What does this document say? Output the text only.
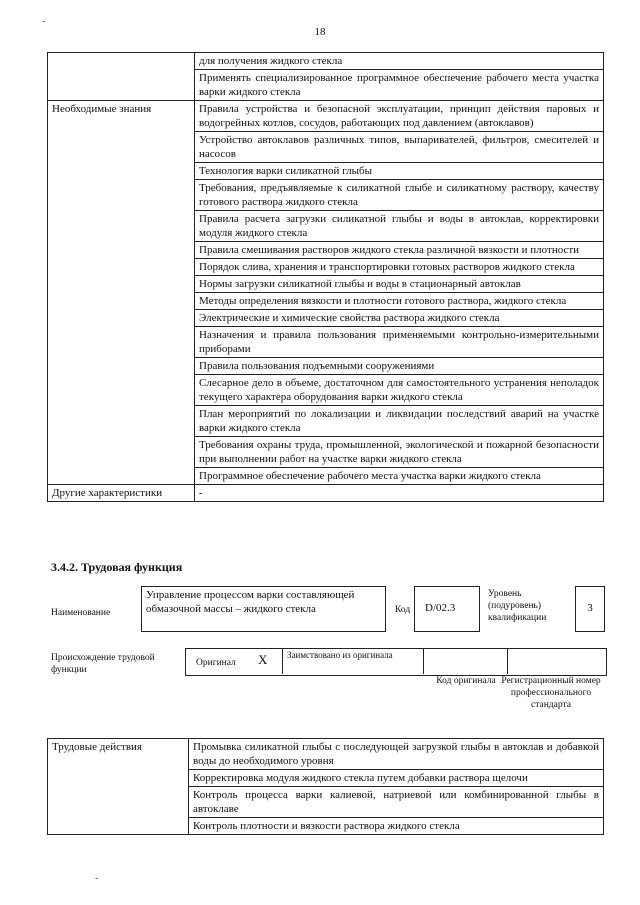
18
-
	для получения жидкого стекла
	Применять специализированное программное обеспечение рабочего места участка варки жидкого стекла
Необходимые знания	Правила устройства и безопасной эксплуатации, принцип действия паровых и водогрейных котлов, сосудов, работающих под давлением (автоклавов)
	Устройство автоклавов различных типов, выпаривателей, фильтров, смесителей и насосов
	Технология варки силикатной глыбы
	Требования, предъявляемые к силикатной глыбе и силикатному раствору, качеству готового раствора жидкого стекла
	Правила расчета загрузки силикатной глыбы и воды в автоклав, корректировки модуля жидкого стекла
	Правила смешивания растворов жидкого стекла различной вязкости и плотности
	Порядок слива, хранения и транспортировки готовых растворов жидкого стекла
	Нормы загрузки силикатной глыбы и воды в стационарный автоклав
	Методы определения вязкости и плотности готового раствора, жидкого стекла
	Электрические и химические свойства раствора жидкого стекла
	Назначения и правила пользования применяемыми контрольно-измерительными приборами
	Правила пользования подъемными сооружениями
	Слесарное дело в объеме, достаточном для самостоятельного устранения неполадок текущего характера оборудования варки жидкого стекла
	План мероприятий по локализации и ликвидации последствий аварий на участке варки жидкого стекла
	Требования охраны труда, промышленной, экологической и пожарной безопасности при выполнении работ на участке варки жидкого стекла
	Программное обеспечение рабочего места участка варки жидкого стекла
Другие характеристики	-
3.4.2. Трудовая функция
Наименование
Управление процессом варки составляющей обмазочной массы – жидкого стекла	Код	D/02.3
Уровень (подуровень) квалификации
3
Происхождение трудовой функции
Оригинал X Заимствовано из оригинала
Код оригинала Регистрационный номер профессионального стандарта
Трудовые действия	Промывка силикатной глыбы с последующей загрузкой глыбы в автоклав и добавкой воды до необходимого уровня
Корректировка модуля жидкого стекла путем добавки раствора щелочи
Контроль процесса варки калиевой, натриевой или комбинированной глыбы в автоклаве
Контроль плотности и вязкости раствора жидкого стекла
-
